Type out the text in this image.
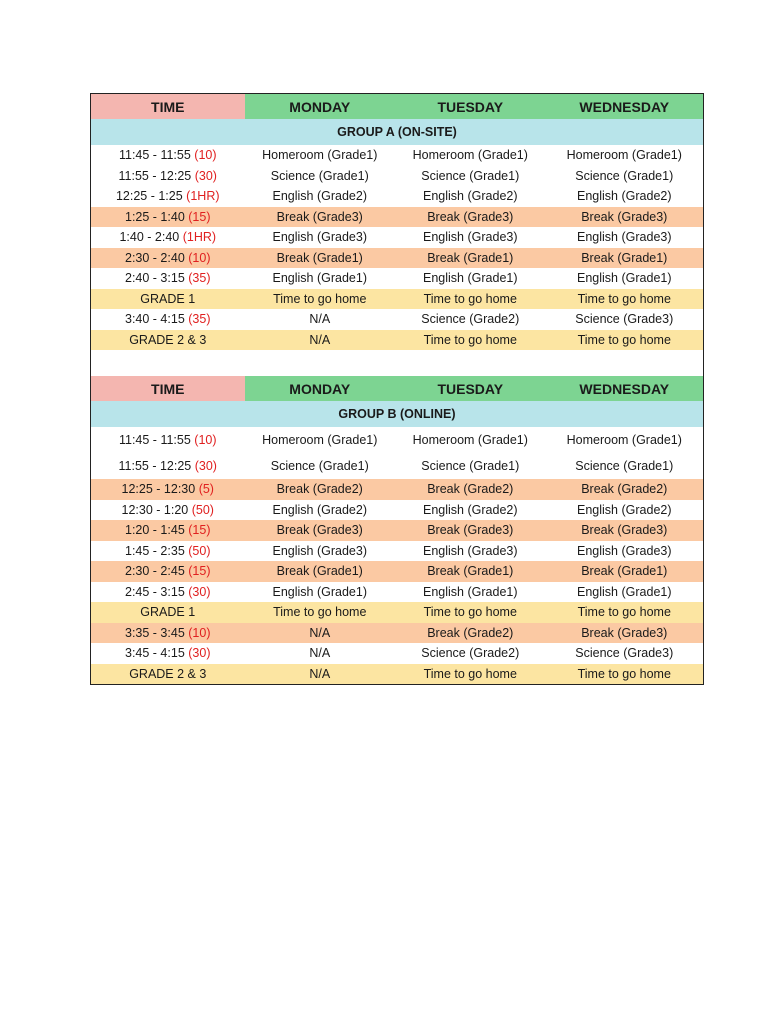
TIME	MONDAY	TUESDAY	WEDNESDAY
GROUP A (ON-SITE)
11:45 - 11:55 (10)	Homeroom (Grade1)	Homeroom (Grade1)	Homeroom (Grade1)
11:55 - 12:25 (30)	Science (Grade1)	Science (Grade1)	Science (Grade1)
12:25 - 1:25 (1HR)	English (Grade2)	English (Grade2)	English (Grade2)
1:25 - 1:40 (15)	Break (Grade3)	Break (Grade3)	Break (Grade3)
1:40 - 2:40 (1HR)	English (Grade3)	English (Grade3)	English (Grade3)
2:30 - 2:40 (10)	Break (Grade1)	Break (Grade1)	Break (Grade1)
2:40 - 3:15 (35)	English (Grade1)	English (Grade1)	English (Grade1)
GRADE 1	Time to go home	Time to go home	Time to go home
3:40 - 4:15 (35)	N/A	Science (Grade2)	Science (Grade3)
GRADE 2 & 3	N/A	Time to go home	Time to go home
TIME	MONDAY	TUESDAY	WEDNESDAY
GROUP B (ONLINE)
11:45 - 11:55 (10)	Homeroom (Grade1)	Homeroom (Grade1)	Homeroom (Grade1)
11:55 - 12:25 (30)	Science (Grade1)	Science (Grade1)	Science (Grade1)
12:25 - 12:30 (5)	Break (Grade2)	Break (Grade2)	Break (Grade2)
12:30 - 1:20 (50)	English (Grade2)	English (Grade2)	English (Grade2)
1:20 - 1:45 (15)	Break (Grade3)	Break (Grade3)	Break (Grade3)
1:45 - 2:35 (50)	English (Grade3)	English (Grade3)	English (Grade3)
2:30 - 2:45 (15)	Break (Grade1)	Break (Grade1)	Break (Grade1)
2:45 - 3:15 (30)	English (Grade1)	English (Grade1)	English (Grade1)
GRADE 1	Time to go home	Time to go home	Time to go home
3:35 - 3:45 (10)	N/A	Break (Grade2)	Break (Grade3)
3:45 - 4:15 (30)	N/A	Science (Grade2)	Science (Grade3)
GRADE 2 & 3	N/A	Time to go home	Time to go home
